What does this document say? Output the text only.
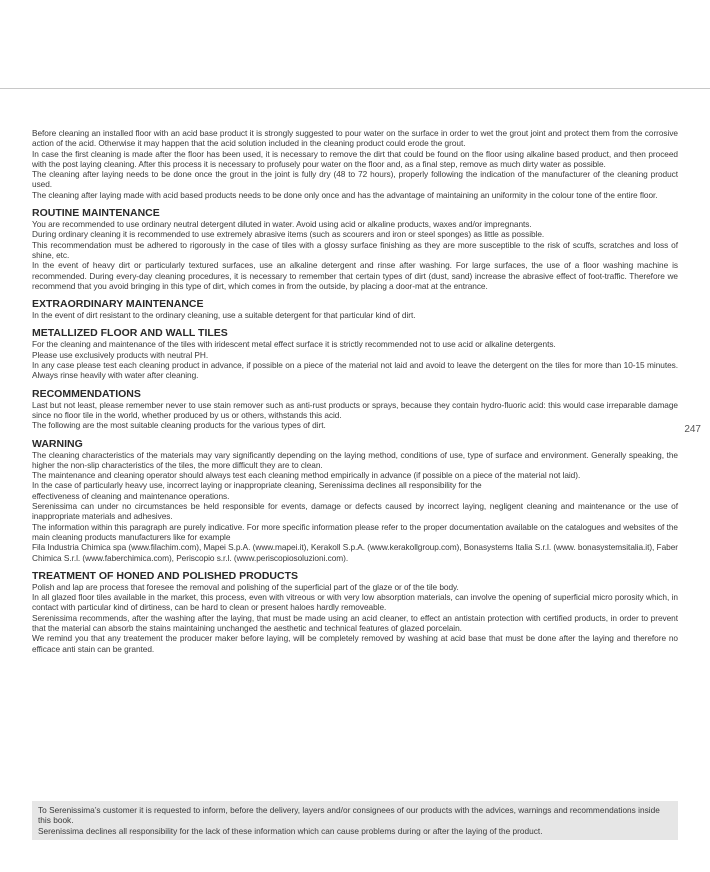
Before cleaning an installed floor with an acid base product it is strongly suggested to pour water on the surface in order to wet the grout joint and protect them from the corrosive action of the acid. Otherwise it may happen that the acid solution included in the cleaning product could erode the grout.

In case the first cleaning is made after the floor has been used, it is necessary to remove the dirt that could be found on the floor using alkaline based product, and then proceed with the post laying cleaning. After this process it is necessary to profusely pour water on the floor and, as a final step, remove as much dirty water as possible.

The cleaning after laying needs to be done once the grout in the joint is fully dry (48 to 72 hours), properly following the indication of the manufacturer of the cleaning product used.

The cleaning after laying made with acid based products needs to be done only once and has the advantage of maintaining an uniformity in the colour tone of the entire floor.

ROUTINE MAINTENANCE

You are recommended to use ordinary neutral detergent diluted in water. Avoid using acid or alkaline products, waxes and/or impregnants.

During ordinary cleaning it is recommended to use extremely abrasive items (such as scourers and iron or steel sponges) as little as possible.

This recommendation must be adhered to rigorously in the case of tiles with a glossy surface finishing as they are more susceptible to the risk of scuffs, scratches and loss of shine, etc.

In the event of heavy dirt or particularly textured surfaces, use an alkaline detergent and rinse after washing. For large surfaces, the use of a floor washing machine is recommended. During every-day cleaning procedures, it is necessary to remember that certain types of dirt (dust, sand) increase the abrasive effect of foot-traffic. Therefore we recommend that you avoid bringing in this type of dirt, which comes in from the outside, by placing a door-mat at the entrance.

EXTRAORDINARY MAINTENANCE

In the event of dirt resistant to the ordinary cleaning, use a suitable detergent for that particular kind of dirt.

METALLIZED FLOOR AND WALL TILES

For the cleaning and maintenance of the tiles with iridescent metal effect surface it is strictly recommended not to use acid or alkaline detergents.

Please use exclusively products with neutral PH.

In any case please test each cleaning product in advance, if possible on a piece of the material not laid and avoid to leave the detergent on the tiles for more than 10-15 minutes. Always rinse heavily with water after cleaning.

RECOMMENDATIONS

Last but not least, please remember never to use stain remover such as anti-rust products or sprays, because they contain hydro-fluoric acid: this would case irreparable damage since no floor tile in the world, whether produced by us or others, withstands this acid.

The following are the most suitable cleaning products for the various types of dirt.

WARNING

The cleaning characteristics of the materials may vary significantly depending on the laying method, conditions of use, type of surface and environment. Generally speaking, the higher the non-slip characteristics of the tiles, the more difficult they are to clean.

The maintenance and cleaning operator should always test each cleaning method empirically in advance (if possible on a piece of the material not laid).

In the case of particularly heavy use, incorrect laying or inappropriate cleaning, Serenissima declines all responsibility for the

effectiveness of cleaning and maintenance operations.

Serenissima can under no circumstances be held responsible for events, damage or defects caused by incorrect laying, negligent cleaning and maintenance or the use of inappropriate materials and adhesives.

The information within this paragraph are purely indicative. For more specific information please refer to the proper documentation available on the catalogues and websites of the main cleaning products manufacturers like for example

Fila Industria Chimica spa (www.filachim.com), Mapei S.p.A. (www.mapei.it), Kerakoll S.p.A. (www.kerakollgroup.com), Bonasystems Italia S.r.l. (www. bonasystemsitalia.it), Faber Chimica S.r.l. (www.faberchimica.com), Periscopio s.r.l. (www.periscopiosoluzioni.com).

TREATMENT OF HONED AND POLISHED PRODUCTS

Polish and lap are process that foresee the removal and polishing of the superficial part of the glaze or of the tile body.

In all glazed floor tiles available in the market, this process, even with vitreous or with very low absorption materials, can involve the opening of superficial micro porosity which, in contact with particular kind of dirtiness, can be hard to clean or present haloes hardly removeable.

Serenissima recommends, after the washing after the laying, that must be made using an acid cleaner, to effect an antistain protection with certified products, in order to prevent that the material can absorb the stains maintaining unchanged the aesthetic and technical features of glazed porcelain.

We remind you that any treatement the producer maker before laying, will be completely removed by washing at acid base that must be done after the laying and therefore no efficace anti stain can be granted.

247

To Serenissima’s customer it is requested to inform, before the delivery, layers and/or consignees of our products with the advices, warnings and recommendations inside this book.

Serenissima declines all responsibility for the lack of these information which can cause problems during or after the laying of the product.
